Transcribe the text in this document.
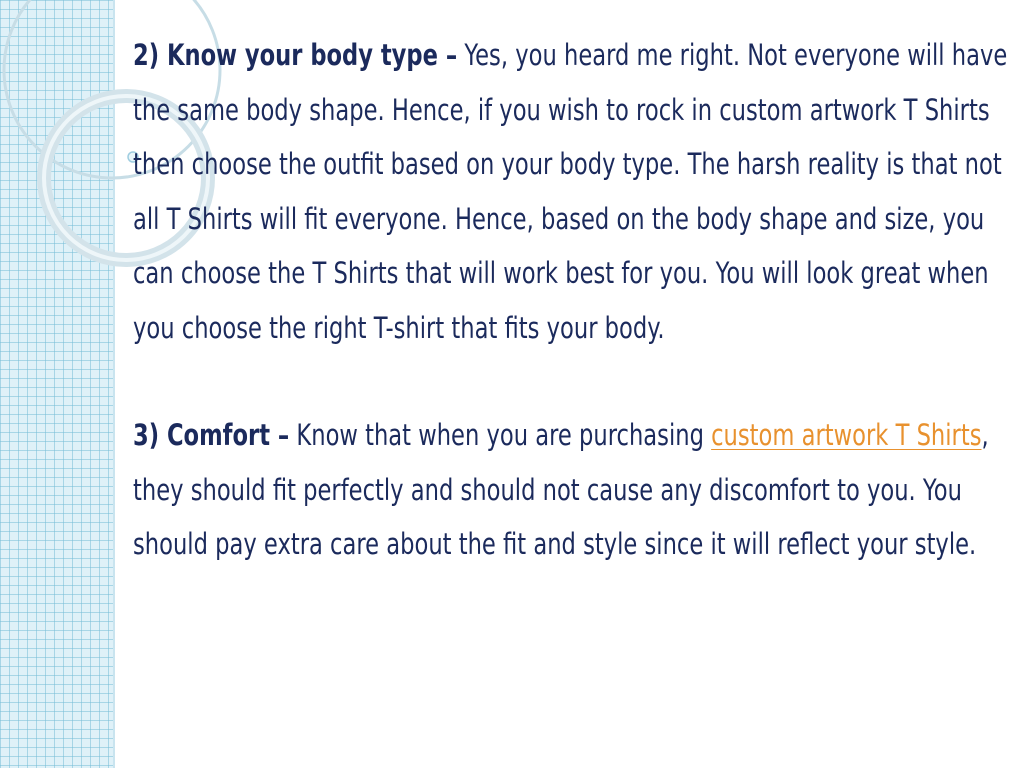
2) Know your body type – Yes, you heard me right. Not everyone will have the same body shape. Hence, if you wish to rock in custom artwork T Shirts then choose the outfit based on your body type. The harsh reality is that not all T Shirts will fit everyone. Hence, based on the body shape and size, you can choose the T Shirts that will work best for you. You will look great when you choose the right T-shirt that fits your body.

3) Comfort – Know that when you are purchasing custom artwork T Shirts, they should fit perfectly and should not cause any discomfort to you. You should pay extra care about the fit and style since it will reflect your style.
